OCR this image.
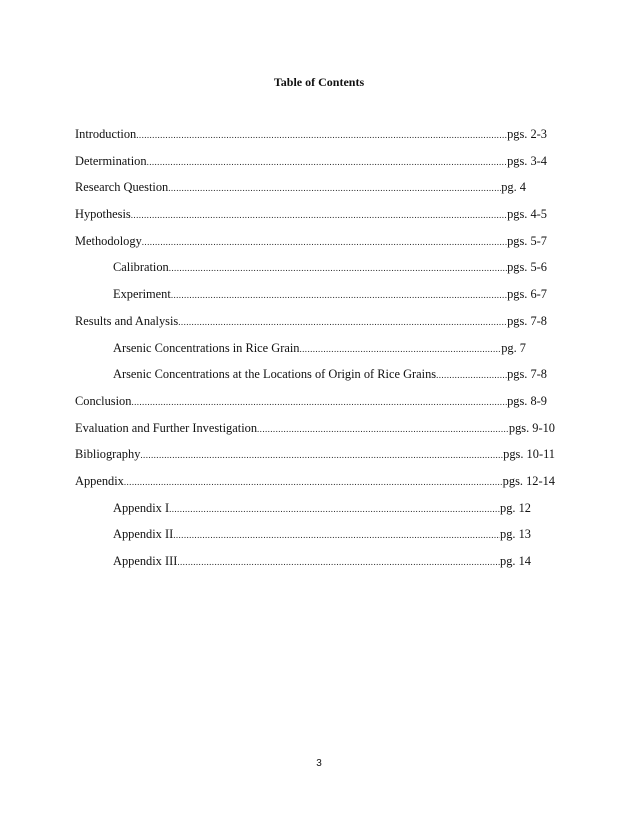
Table of Contents
Introduction .....	pgs. 2-3
Determination .....	pgs. 3-4
Research Question .....	pg. 4
Hypothesis .....	pgs. 4-5
Methodology .....	pgs. 5-7
Calibration .....	pgs. 5-6
Experiment .....	pgs. 6-7
Results and Analysis .....	pgs. 7-8
Arsenic Concentrations in Rice Grain .....	pg. 7
Arsenic Concentrations at the Locations of Origin of Rice Grains .....	pgs. 7-8
Conclusion .....	pgs. 8-9
Evaluation and Further Investigation .....	pgs. 9-10
Bibliography .....	pgs. 10-11
Appendix .....	pgs. 12-14
Appendix I .....	pg. 12
Appendix II .....	pg. 13
Appendix III .....	pg. 14
3
